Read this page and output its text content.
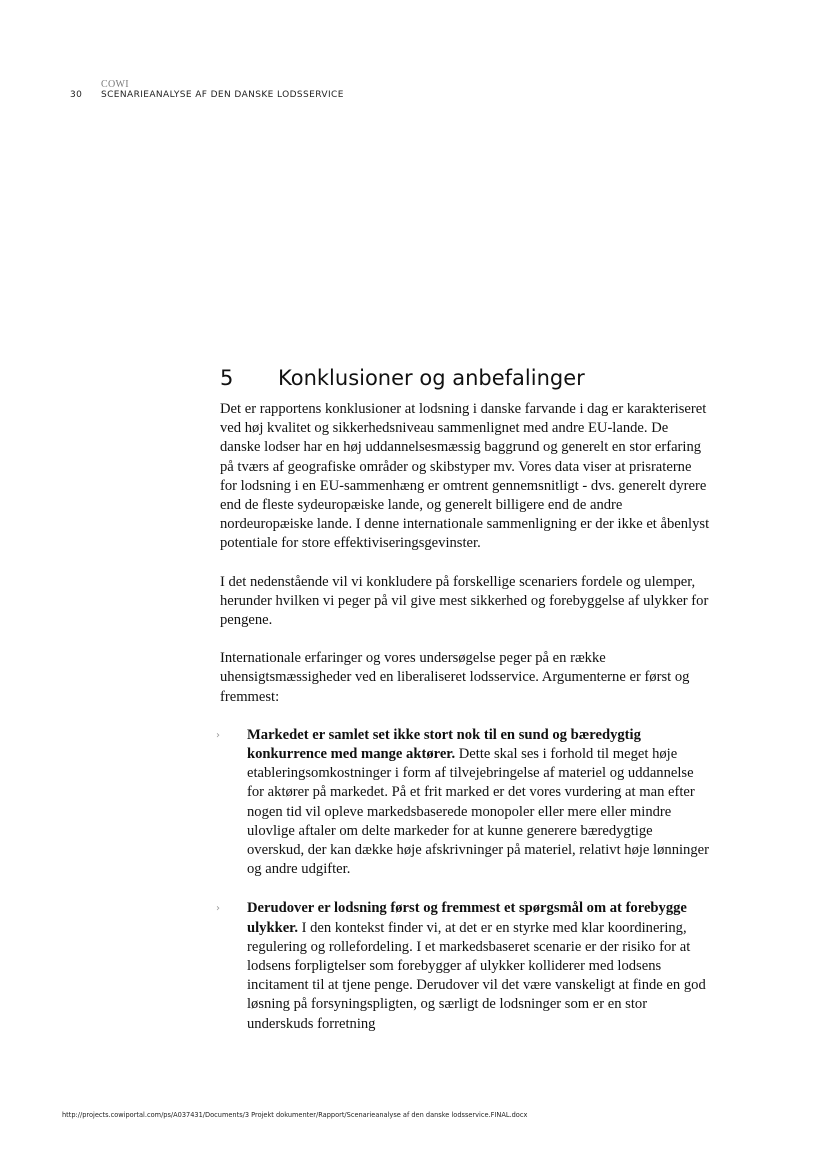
COWI
30 SCENARIEANALYSE AF DEN DANSKE LODSSERVICE
5 Konklusioner og anbefalinger

Det er rapportens konklusioner at lodsning i danske farvande i dag er karakteriseret ved høj kvalitet og sikkerhedsniveau sammenlignet med andre EU-lande. De danske lodser har en høj uddannelsesmæssig baggrund og generelt en stor erfaring på tværs af geografiske områder og skibstyper mv. Vores data viser at prisraterne for lodsning i en EU-sammenhæng er omtrent gennemsnitligt - dvs. generelt dyrere end de fleste sydeuropæiske lande, og generelt billigere end de andre nordeuropæiske lande. I denne internationale sammenligning er der ikke et åbenlyst potentiale for store effektiviseringsgevinster.

I det nedenstående vil vi konkludere på forskellige scenariers fordele og ulemper, herunder hvilken vi peger på vil give mest sikkerhed og forebyggelse af ulykker for pengene.

Internationale erfaringer og vores undersøgelse peger på en række uhensigtsmæssigheder ved en liberaliseret lodsservice. Argumenterne er først og fremmest:

› Markedet er samlet set ikke stort nok til en sund og bæredygtig konkurrence med mange aktører. Dette skal ses i forhold til meget høje etableringsomkostninger i form af tilvejebringelse af materiel og uddannelse for aktører på markedet. På et frit marked er det vores vurdering at man efter nogen tid vil opleve markedsbaserede monopoler eller mere eller mindre ulovlige aftaler om delte markeder for at kunne generere bæredygtige overskud, der kan dække høje afskrivninger på materiel, relativt høje lønninger og andre udgifter.
› Derudover er lodsning først og fremmest et spørgsmål om at forebygge ulykker. I den kontekst finder vi, at det er en styrke med klar koordinering, regulering og rollefordeling. I et markedsbaseret scenarie er der risiko for at lodsens forpligtelser som forebygger af ulykker kolliderer med lodsens incitament til at tjene penge. Derudover vil det være vanskeligt at finde en god løsning på forsyningspligten, og særligt de lodsninger som er en stor underskuds forretning
http://projects.cowiportal.com/ps/A037431/Documents/3 Projekt dokumenter/Rapport/Scenarieanalyse af den danske lodsservice.FINAL.docx
